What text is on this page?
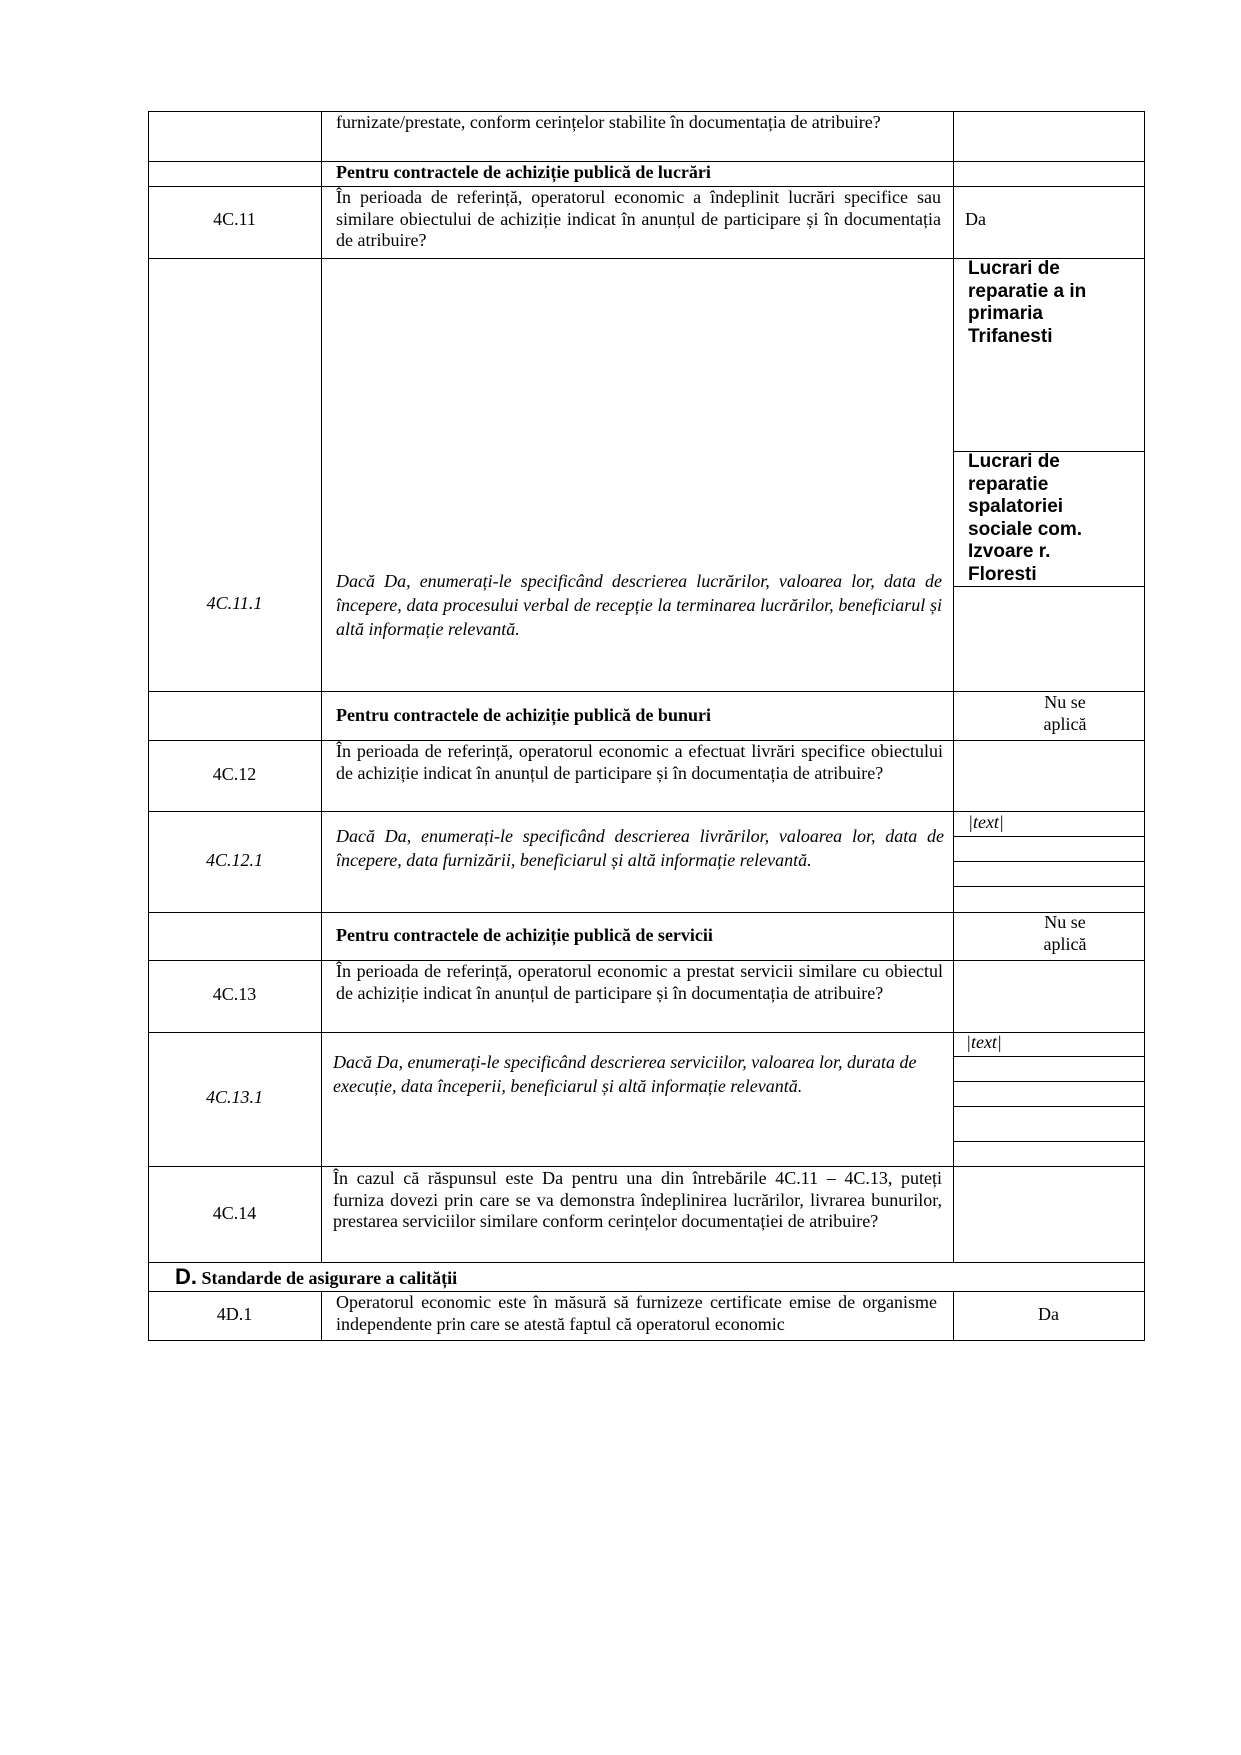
furnizate/prestate, conform cerințelor stabilite în documentația de atribuire?
Pentru contractele de achiziție publică de lucrări
4C.11
În perioada de referință, operatorul economic a îndeplinit lucrări specifice sau similare obiectului de achiziție indicat în anunțul de participare și în documentația de atribuire?
Da
4C.11.1
Dacă Da, enumerați-le specificând descrierea lucrărilor, valoarea lor, data de începere, data procesului verbal de recepție la terminarea lucrărilor, beneficiarul și altă informație relevantă.
Lucrari de reparatie a in primaria Trifanesti
Lucrari de reparatie spalatoriei sociale com. Izvoare r. Floresti
Pentru contractele de achiziție publică de bunuri
Nu se aplică
4C.12
În perioada de referință, operatorul economic a efectuat livrări specifice obiectului de achiziție indicat în anunțul de participare și în documentația de atribuire?
4C.12.1
Dacă Da, enumerați-le specificând descrierea livrărilor, valoarea lor, data de începere, data furnizării, beneficiarul și altă informație relevantă.
|text|
Pentru contractele de achiziție publică de servicii
Nu se aplică
4C.13
În perioada de referință, operatorul economic a prestat servicii similare cu obiectul de achiziție indicat în anunțul de participare și în documentația de atribuire?
4C.13.1
Dacă Da, enumerați-le specificând descrierea serviciilor, valoarea lor, durata de execuție, data începerii, beneficiarul și altă informație relevantă.
|text|
4C.14
În cazul că răspunsul este Da pentru una din întrebările 4C.11 – 4C.13, puteți furniza dovezi prin care se va demonstra îndeplinirea lucrărilor, livrarea bunurilor, prestarea serviciilor similare conform cerințelor documentației de atribuire?
D. Standarde de asigurare a calității
4D.1
Operatorul economic este în măsură să furnizeze certificate emise de organisme independente prin care se atestă faptul că operatorul economic	Da
